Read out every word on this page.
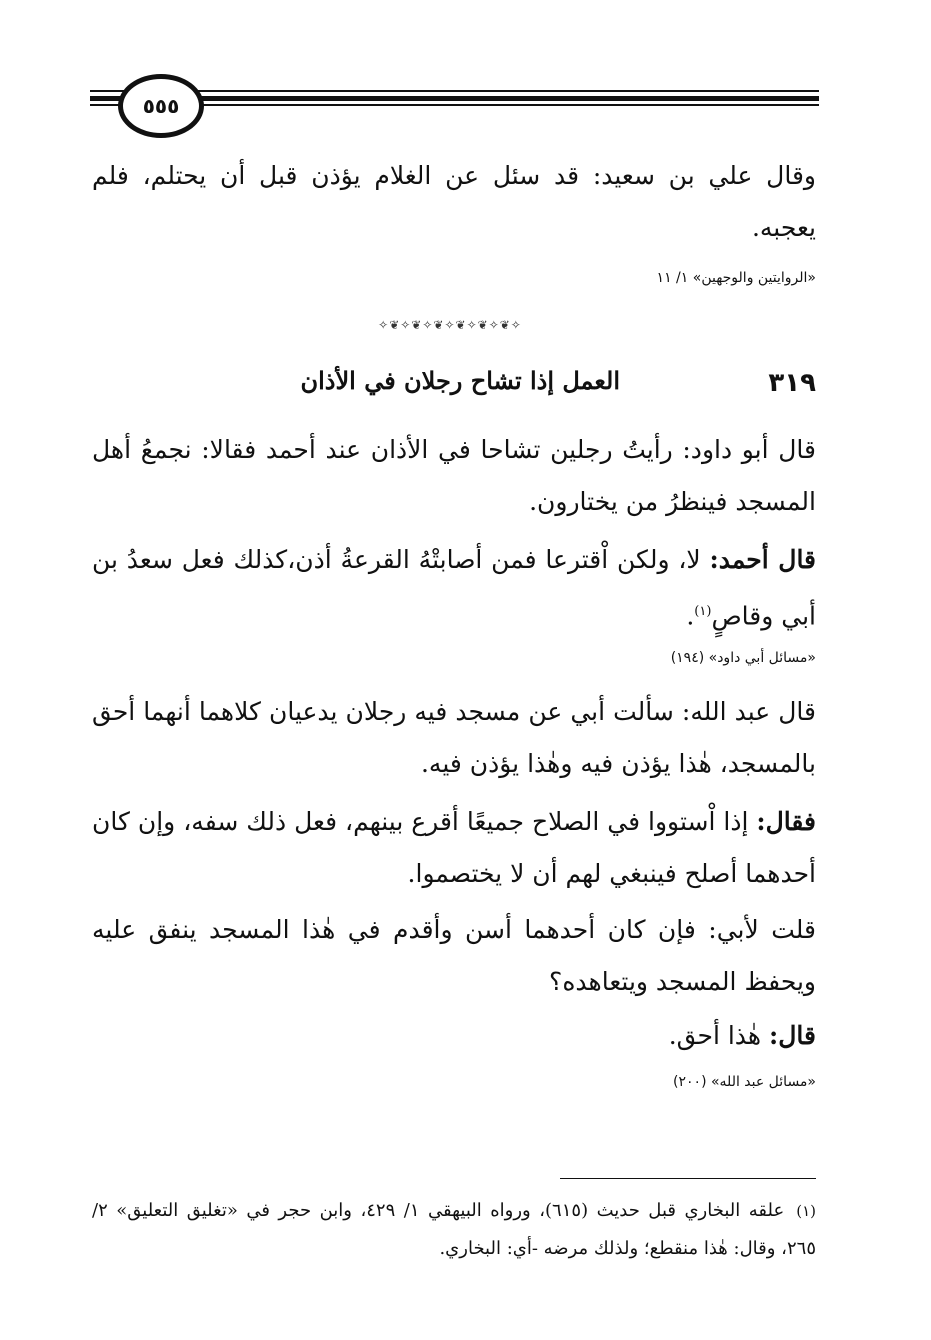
٥٥٥

وقال علي بن سعيد: قد سئل عن الغلام يؤذن قبل أن يحتلم، فلم يعجبه.

«الروايتين والوجهين» ١/ ١١

✧❦✧❦✧❦✧❦✧❦✧❦✧
٣١٩
العمل إذا تشاح رجلان في الأذان

قال أبو داود: رأيتُ رجلين تشاحا في الأذان عند أحمد فقالا: نجمعُ أهل المسجد فينظرُ من يختارون.

قال أحمد: لا، ولكن اْقترعا فمن أصابتْهُ القرعةُ أذن،كذلك فعل سعدُ بن أبي وقاصٍ$^{(١)}$.

«مسائل أبي داود» (١٩٤)

قال عبد الله: سألت أبي عن مسجد فيه رجلان يدعيان كلاهما أنهما أحق بالمسجد، هٰذا يؤذن فيه وهٰذا يؤذن فيه.

فقال: إذا اْستووا في الصلاح جميعًا أقرع بينهم، فعل ذلك سفه، وإن كان أحدهما أصلح فينبغي لهم أن لا يختصموا.

قلت لأبي: فإن كان أحدهما أسن وأقدم في هٰذا المسجد ينفق عليه ويحفظ المسجد ويتعاهده؟

قال: هٰذا أحق.

«مسائل عبد الله» (٢٠٠)

(١)علقه البخاري قبل حديث (٦١٥)، ورواه البيهقي ١/ ٤٢٩، وابن حجر في «تغليق التعليق» ٢/ ٢٦٥، وقال: هٰذا منقطع؛ ولذلك مرضه -أي: البخاري.
